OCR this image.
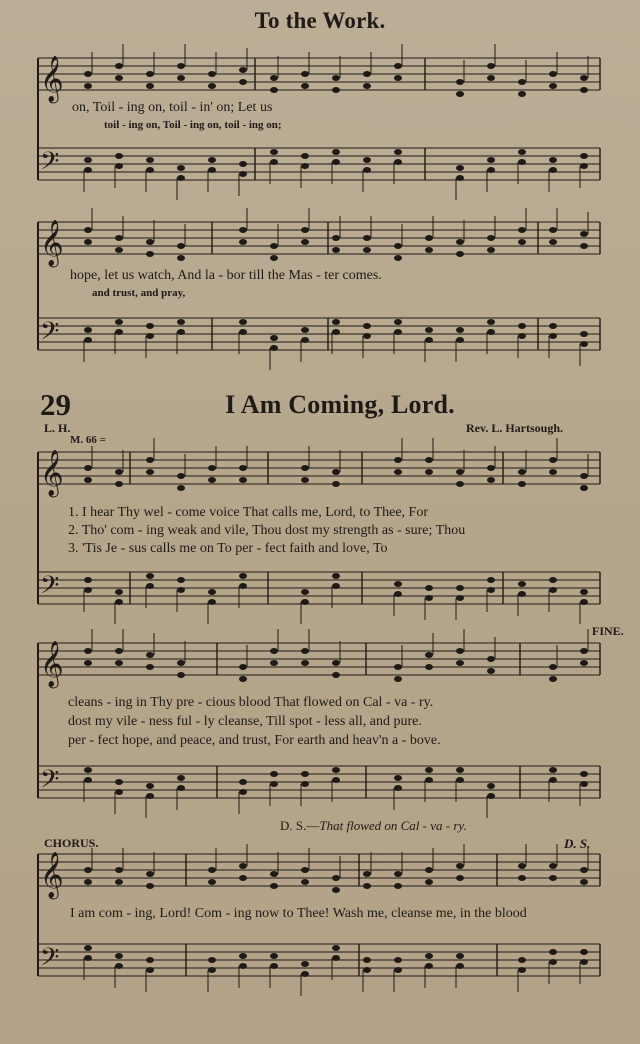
To the Work.
29	I Am Coming, Lord.
L. H.	Rev. L. Hartsough.
M. 66 =
FINE.
CHORUS.	D. S.
D. S.—That flowed on Cal - va - ry.
on, Toil - ing on, toil - in' on; Let us
toil - ing on, Toil - ing on, toil - ing on;
hope, let us watch, And la - bor till the Mas - ter comes.
and trust, and pray,
1. I hear Thy wel - come voice That calls me, Lord, to Thee, For
2. Tho' com - ing weak and vile, Thou dost my strength as - sure; Thou
3. 'Tis Je - sus calls me on To per - fect faith and love, To
cleans - ing in Thy pre - cious blood That flowed on Cal - va - ry.
dost my vile - ness ful - ly cleanse, Till spot - less all, and pure.
per - fect hope, and peace, and trust, For earth and heav'n a - bove.
I am com - ing, Lord! Com - ing now to Thee! Wash me, cleanse me, in the blood
𝄞
𝄢
𝄞
𝄢
𝄞
𝄢
𝄞
𝄢
𝄞
𝄢
